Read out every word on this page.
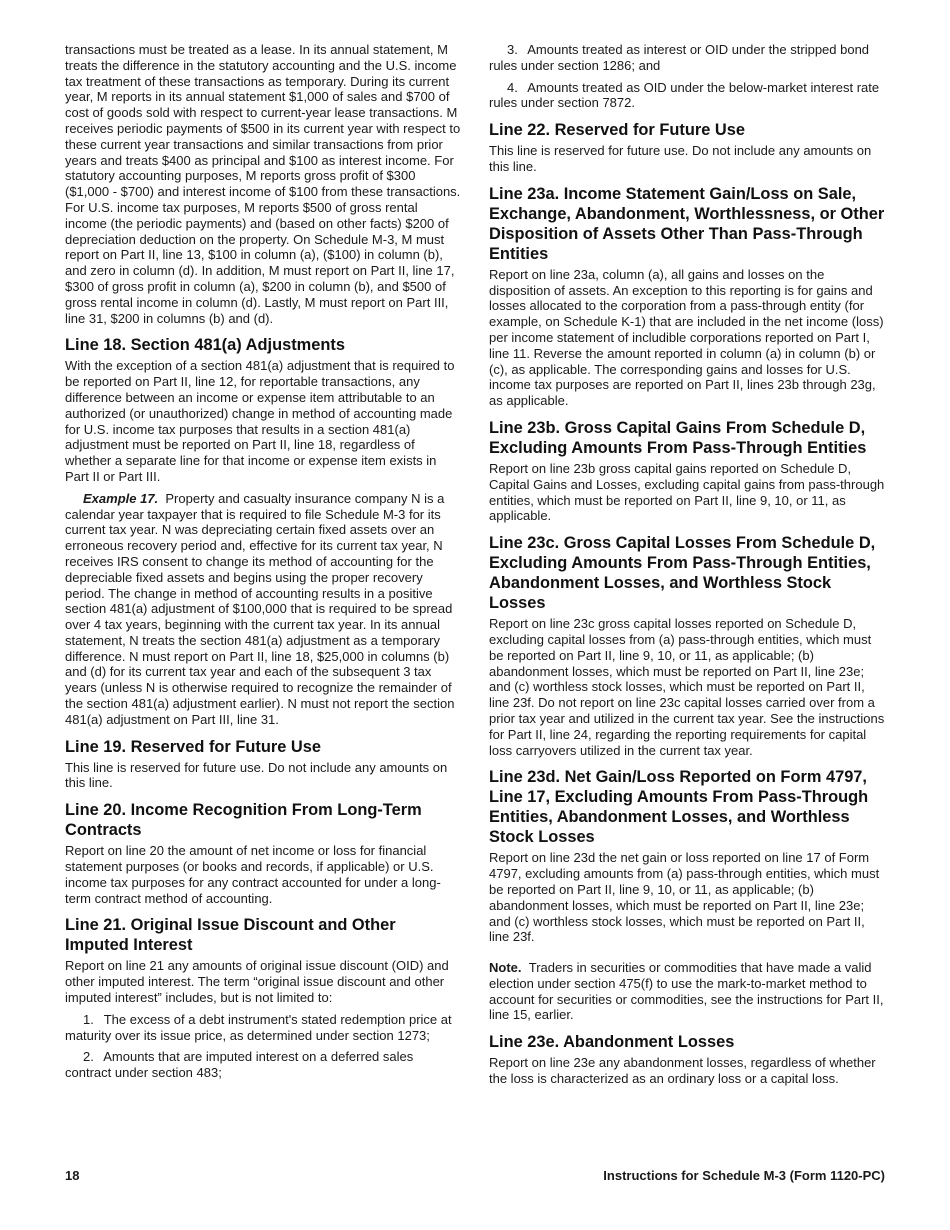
transactions must be treated as a lease. In its annual statement, M treats the difference in the statutory accounting and the U.S. income tax treatment of these transactions as temporary. During its current year, M reports in its annual statement $1,000 of sales and $700 of cost of goods sold with respect to current-year lease transactions. M receives periodic payments of $500 in its current year with respect to these current year transactions and similar transactions from prior years and treats $400 as principal and $100 as interest income. For statutory accounting purposes, M reports gross profit of $300 ($1,000 - $700) and interest income of $100 from these transactions. For U.S. income tax purposes, M reports $500 of gross rental income (the periodic payments) and (based on other facts) $200 of depreciation deduction on the property. On Schedule M-3, M must report on Part II, line 13, $100 in column (a), ($100) in column (b), and zero in column (d). In addition, M must report on Part II, line 17, $300 of gross profit in column (a), $200 in column (b), and $500 of gross rental income in column (d). Lastly, M must report on Part III, line 31, $200 in columns (b) and (d).

Line 18. Section 481(a) Adjustments

With the exception of a section 481(a) adjustment that is required to be reported on Part II, line 12, for reportable transactions, any difference between an income or expense item attributable to an authorized (or unauthorized) change in method of accounting made for U.S. income tax purposes that results in a section 481(a) adjustment must be reported on Part II, line 18, regardless of whether a separate line for that income or expense item exists in Part II or Part III.

Example 17. Property and casualty insurance company N is a calendar year taxpayer that is required to file Schedule M-3 for its current tax year. N was depreciating certain fixed assets over an erroneous recovery period and, effective for its current tax year, N receives IRS consent to change its method of accounting for the depreciable fixed assets and begins using the proper recovery period. The change in method of accounting results in a positive section 481(a) adjustment of $100,000 that is required to be spread over 4 tax years, beginning with the current tax year. In its annual statement, N treats the section 481(a) adjustment as a temporary difference. N must report on Part II, line 18, $25,000 in columns (b) and (d) for its current tax year and each of the subsequent 3 tax years (unless N is otherwise required to recognize the remainder of the section 481(a) adjustment earlier). N must not report the section 481(a) adjustment on Part III, line 31.

Line 19. Reserved for Future Use

This line is reserved for future use. Do not include any amounts on this line.

Line 20. Income Recognition From Long-Term Contracts

Report on line 20 the amount of net income or loss for financial statement purposes (or books and records, if applicable) or U.S. income tax purposes for any contract accounted for under a long-term contract method of accounting.

Line 21. Original Issue Discount and Other Imputed Interest

Report on line 21 any amounts of original issue discount (OID) and other imputed interest. The term “original issue discount and other imputed interest” includes, but is not limited to:

1.  The excess of a debt instrument's stated redemption price at maturity over its issue price, as determined under section 1273;

2.  Amounts that are imputed interest on a deferred sales contract under section 483;

3.  Amounts treated as interest or OID under the stripped bond rules under section 1286; and

4.  Amounts treated as OID under the below-market interest rate rules under section 7872.

Line 22. Reserved for Future Use

This line is reserved for future use. Do not include any amounts on this line.

Line 23a. Income Statement Gain/Loss on Sale, Exchange, Abandonment, Worthlessness, or Other Disposition of Assets Other Than Pass-Through Entities

Report on line 23a, column (a), all gains and losses on the disposition of assets. An exception to this reporting is for gains and losses allocated to the corporation from a pass-through entity (for example, on Schedule K-1) that are included in the net income (loss) per income statement of includible corporations reported on Part I, line 11. Reverse the amount reported in column (a) in column (b) or (c), as applicable. The corresponding gains and losses for U.S. income tax purposes are reported on Part II, lines 23b through 23g, as applicable.

Line 23b. Gross Capital Gains From Schedule D, Excluding Amounts From Pass-Through Entities

Report on line 23b gross capital gains reported on Schedule D, Capital Gains and Losses, excluding capital gains from pass-through entities, which must be reported on Part II, line 9, 10, or 11, as applicable.

Line 23c. Gross Capital Losses From Schedule D, Excluding Amounts From Pass-Through Entities, Abandonment Losses, and Worthless Stock Losses

Report on line 23c gross capital losses reported on Schedule D, excluding capital losses from (a) pass-through entities, which must be reported on Part II, line 9, 10, or 11, as applicable; (b) abandonment losses, which must be reported on Part II, line 23e; and (c) worthless stock losses, which must be reported on Part II, line 23f. Do not report on line 23c capital losses carried over from a prior tax year and utilized in the current tax year. See the instructions for Part II, line 24, regarding the reporting requirements for capital loss carryovers utilized in the current tax year.

Line 23d. Net Gain/Loss Reported on Form 4797, Line 17, Excluding Amounts From Pass-Through Entities, Abandonment Losses, and Worthless Stock Losses

Report on line 23d the net gain or loss reported on line 17 of Form 4797, excluding amounts from (a) pass-through entities, which must be reported on Part II, line 9, 10, or 11, as applicable; (b) abandonment losses, which must be reported on Part II, line 23e; and (c) worthless stock losses, which must be reported on Part II, line 23f.

Note. Traders in securities or commodities that have made a valid election under section 475(f) to use the mark-to-market method to account for securities or commodities, see the instructions for Part II, line 15, earlier.

Line 23e. Abandonment Losses

Report on line 23e any abandonment losses, regardless of whether the loss is characterized as an ordinary loss or a capital loss.

18	Instructions for Schedule M-3 (Form 1120-PC)
